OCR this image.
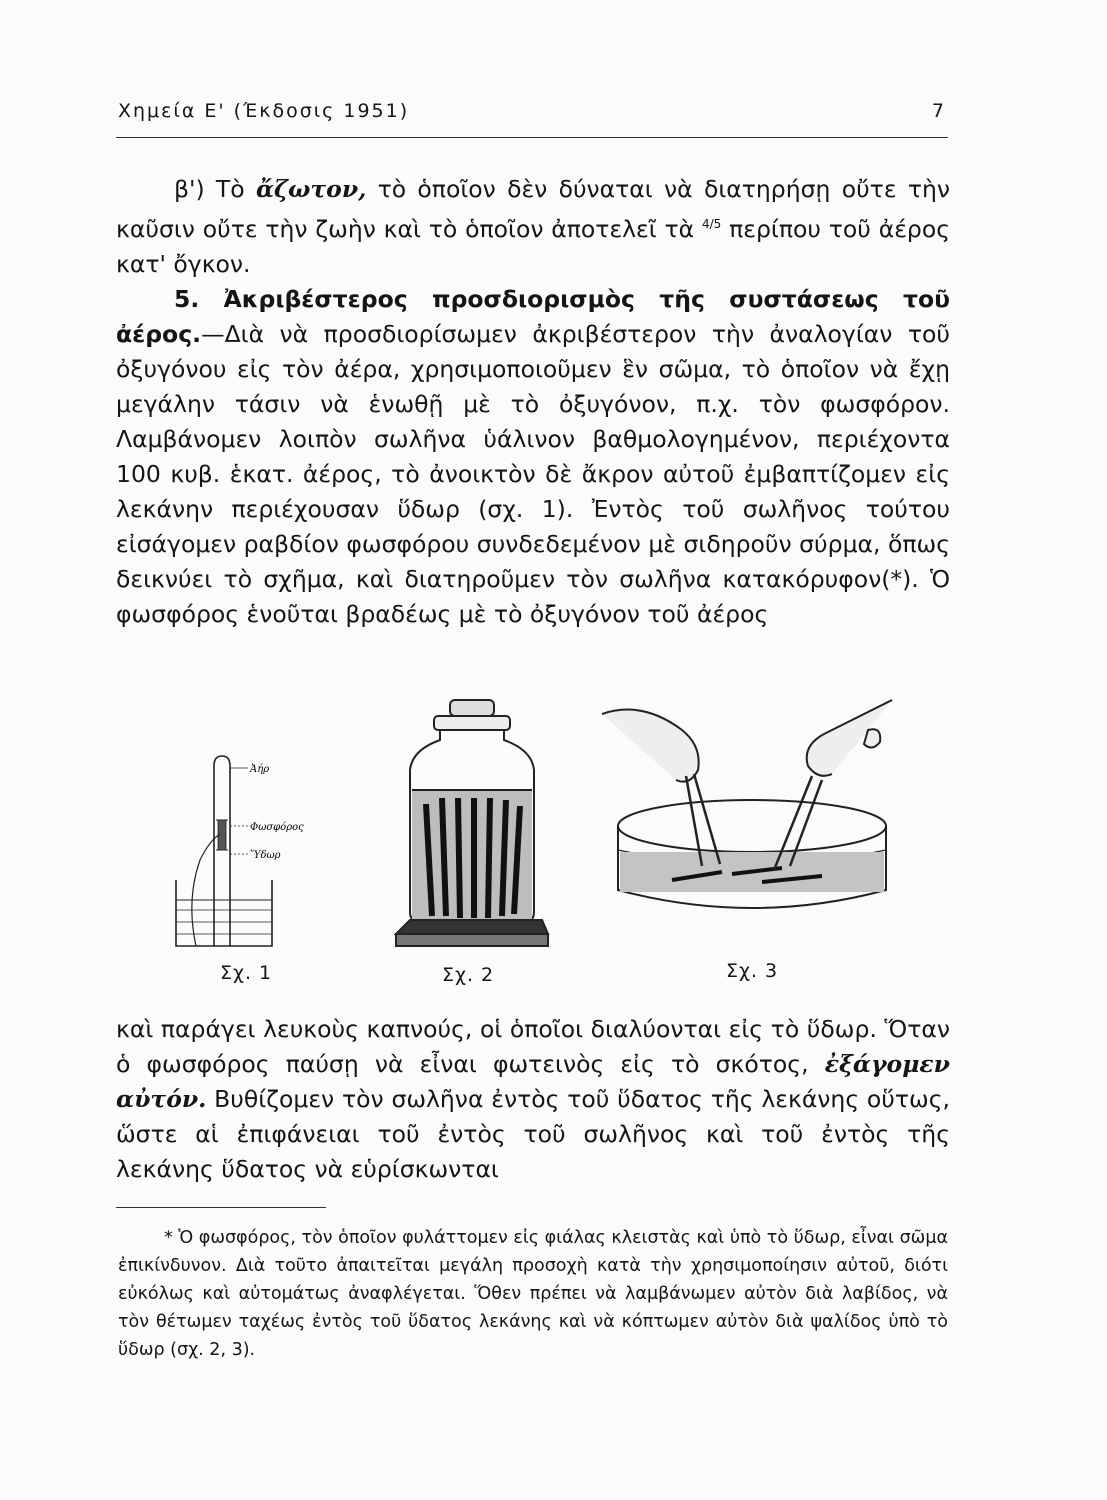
Χημεία Ε' (Έκδοσις 1951)	7

β') Τὸ ἄζωτον, τὸ ὁποῖον δὲν δύναται νὰ διατηρήσῃ οὔτε τὴν καῦσιν οὔτε τὴν ζωὴν καὶ τὸ ὁποῖον ἀποτελεῖ τὰ $^{4/5}$ περίπου τοῦ ἀέρος κατ' ὄγκον.

5. Ἀκριβέστερος προσδιορισμὸς τῆς συστάσεως τοῦ ἀέρος.—Διὰ νὰ προσδιορίσωμεν ἀκριβέστερον τὴν ἀναλογίαν τοῦ ὀξυγόνου εἰς τὸν ἀέρα, χρησιμοποιοῦμεν ἓν σῶμα, τὸ ὁποῖον νὰ ἔχῃ μεγάλην τάσιν νὰ ἑνωθῇ μὲ τὸ ὀξυγόνον, π.χ. τὸν φωσφόρον. Λαμβάνομεν λοιπὸν σωλῆνα ὑάλινον βαθμολογημένον, περιέχοντα 100 κυβ. ἑκατ. ἀέρος, τὸ ἀνοικτὸν δὲ ἄκρον αὐτοῦ ἐμβαπτίζομεν εἰς λεκάνην περιέχουσαν ὕδωρ (σχ. 1). Ἐντὸς τοῦ σωλῆνος τούτου εἰσάγομεν ραβδίον φωσφόρου συνδεδεμένον μὲ σιδηροῦν σύρμα, ὅπως δεικνύει τὸ σχῆμα, καὶ διατηροῦμεν τὸν σωλῆνα κατακόρυφον(*). Ὁ φωσφόρος ἑνοῦται βραδέως μὲ τὸ ὀξυγόνον τοῦ ἀέρος

Ἀήρ
Φωσφόρος
Ὕδωρ
Σχ. 1	Σχ. 2	Σχ. 3

καὶ παράγει λευκοὺς καπνούς, οἱ ὁποῖοι διαλύονται εἰς τὸ ὕδωρ. Ὅταν ὁ φωσφόρος παύσῃ νὰ εἶναι φωτεινὸς εἰς τὸ σκότος, ἐξάγομεν αὐτόν. Βυθίζομεν τὸν σωλῆνα ἐντὸς τοῦ ὕδατος τῆς λεκάνης οὕτως, ὥστε αἱ ἐπιφάνειαι τοῦ ἐντὸς τοῦ σωλῆνος καὶ τοῦ ἐντὸς τῆς λεκάνης ὕδατος νὰ εὑρίσκωνται

* Ὁ φωσφόρος, τὸν ὁποῖον φυλάττομεν εἰς φιάλας κλειστὰς καὶ ὑπὸ τὸ ὕδωρ, εἶναι σῶμα ἐπικίνδυνον. Διὰ τοῦτο ἀπαιτεῖται μεγάλη προσοχὴ κατὰ τὴν χρησιμοποίησιν αὐτοῦ, διότι εὐκόλως καὶ αὐτομάτως ἀναφλέγεται. Ὅθεν πρέπει νὰ λαμβάνωμεν αὐτὸν διὰ λαβίδος, νὰ τὸν θέτωμεν ταχέως ἐντὸς τοῦ ὕδατος λεκάνης καὶ νὰ κόπτωμεν αὐτὸν διὰ ψαλίδος ὑπὸ τὸ ὕδωρ (σχ. 2, 3).
